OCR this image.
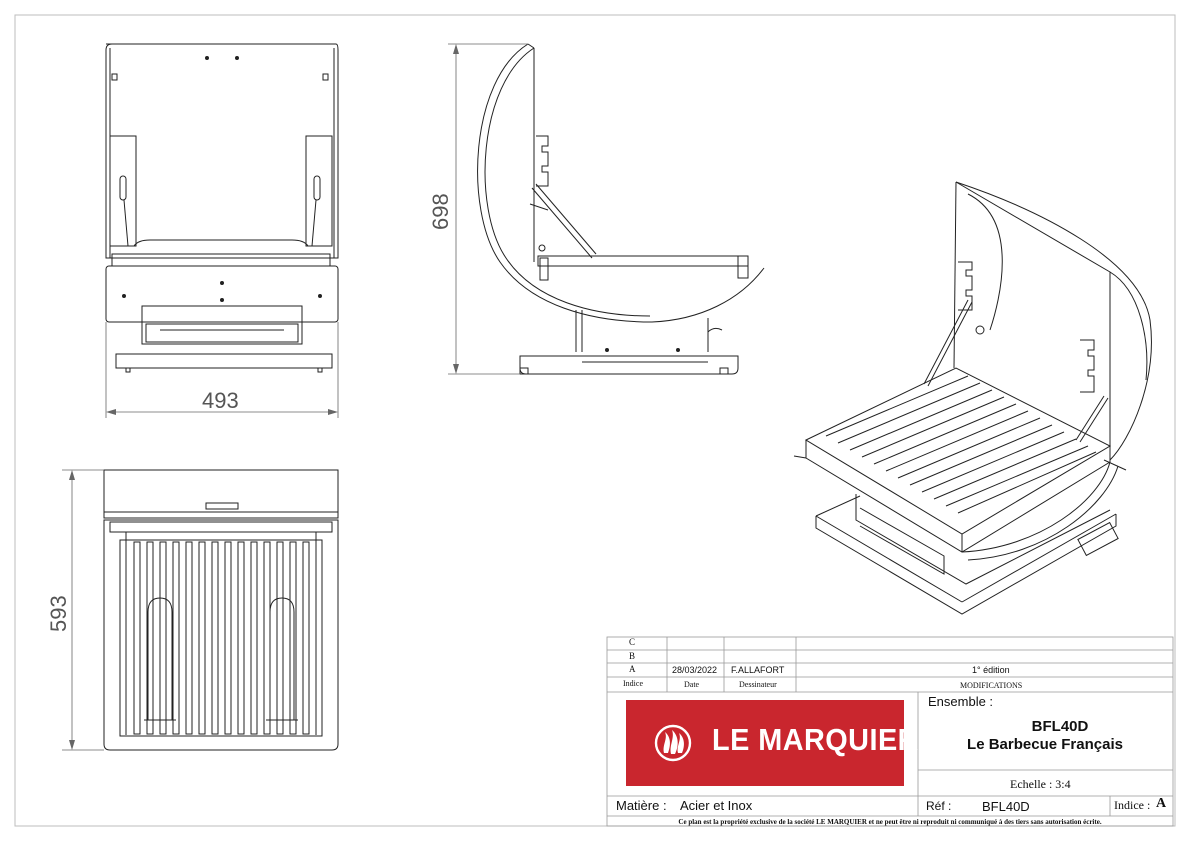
493
698
593
C
B
A	28/03/2022 F.ALLAFORT	1° édition
Indice	Date	Dessinateur	MODIFICATIONS
LE MARQUIER
Ensemble :
BFL40D
Le Barbecue Français
Echelle : 3:4
Matière : Acier et Inox	Réf : BFL40D	Indice : A
Ce plan est la propriété exclusive de la société LE MARQUIER et ne peut être ni reproduit ni communiqué à des tiers sans autorisation écrite.
